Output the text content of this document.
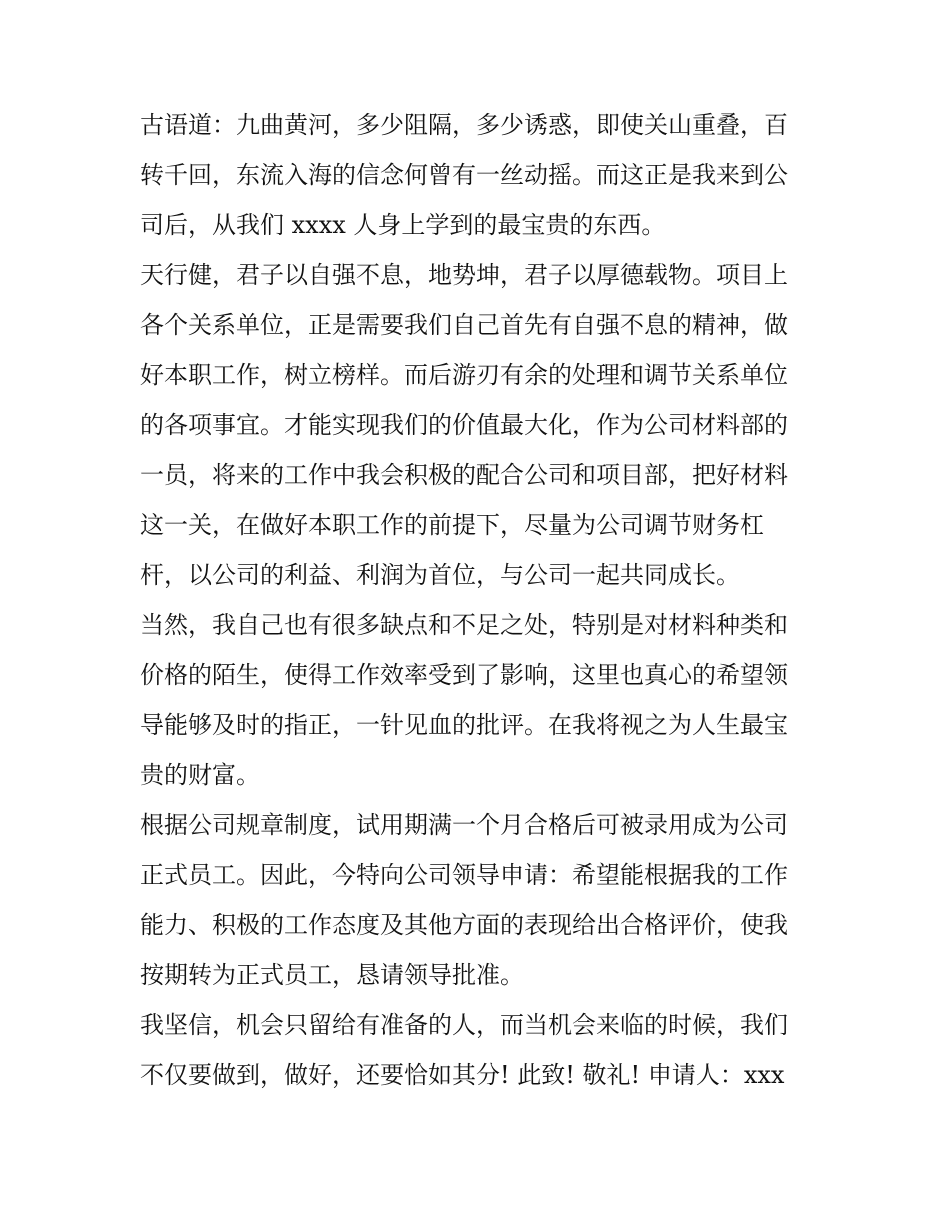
古语道：九曲黄河，多少阻隔，多少诱惑，即使关山重叠，百
转千回，东流入海的信念何曾有一丝动摇。而这正是我来到公
司后，从我们 xxxx 人身上学到的最宝贵的东西。
天行健，君子以自强不息，地势坤，君子以厚德载物。项目上
各个关系单位，正是需要我们自己首先有自强不息的精神，做
好本职工作，树立榜样。而后游刃有余的处理和调节关系单位
的各项事宜。才能实现我们的价值最大化，作为公司材料部的
一员，将来的工作中我会积极的配合公司和项目部，把好材料
这一关，在做好本职工作的前提下，尽量为公司调节财务杠
杆，以公司的利益、利润为首位，与公司一起共同成长。
当然，我自己也有很多缺点和不足之处，特别是对材料种类和
价格的陌生，使得工作效率受到了影响，这里也真心的希望领
导能够及时的指正，一针见血的批评。在我将视之为人生最宝
贵的财富。
根据公司规章制度，试用期满一个月合格后可被录用成为公司
正式员工。因此，今特向公司领导申请：希望能根据我的工作
能力、积极的工作态度及其他方面的表现给出合格评价，使我
按期转为正式员工，恳请领导批准。
我坚信，机会只留给有准备的人，而当机会来临的时候，我们
不仅要做到，做好，还要恰如其分! 此致! 敬礼! 申请人：xxx
